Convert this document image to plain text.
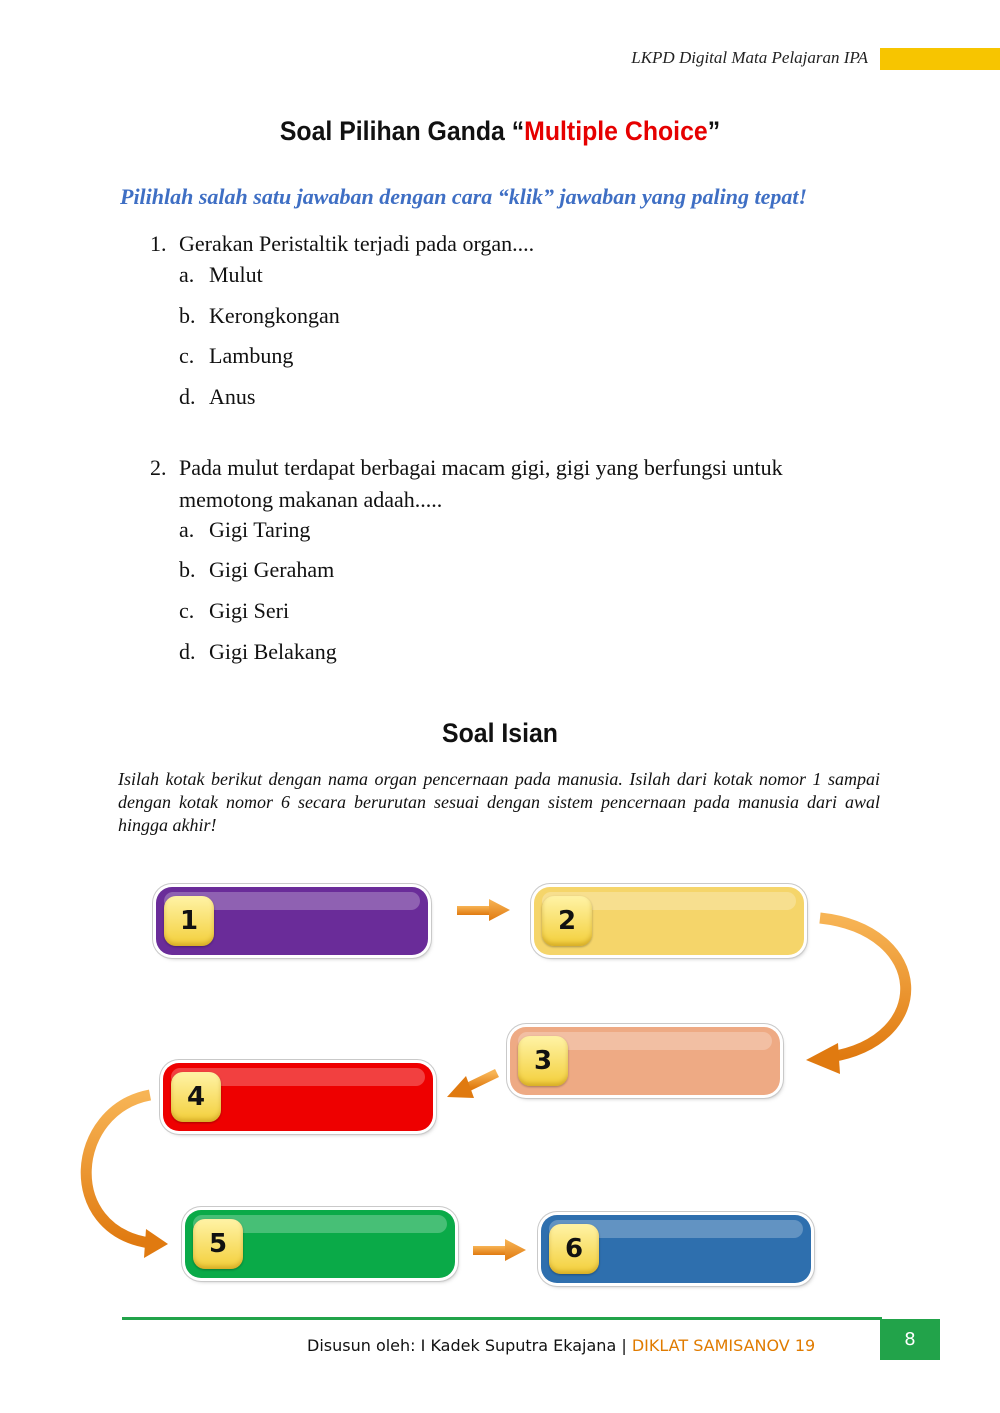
LKPD Digital Mata Pelajaran IPA
Soal Pilihan Ganda “Multiple Choice”
Pilihlah salah satu jawaban dengan cara “klik” jawaban yang paling tepat!
1. Gerakan Peristaltik terjadi pada organ....
a. Mulut
b. Kerongkongan
c. Lambung
d. Anus
2. Pada mulut terdapat berbagai macam gigi, gigi yang berfungsi untuk memotong makanan adaah.....
a. Gigi Taring
b. Gigi Geraham
c. Gigi Seri
d. Gigi Belakang
Soal Isian
Isilah kotak berikut dengan nama organ pencernaan pada manusia. Isilah dari kotak nomor 1 sampai dengan kotak nomor 6 secara berurutan sesuai dengan sistem pencernaan pada manusia dari awal hingga akhir!
1	2
3
4
5	6
Disusun oleh: I Kadek Suputra Ekajana | DIKLAT SAMISANOV 19	8
